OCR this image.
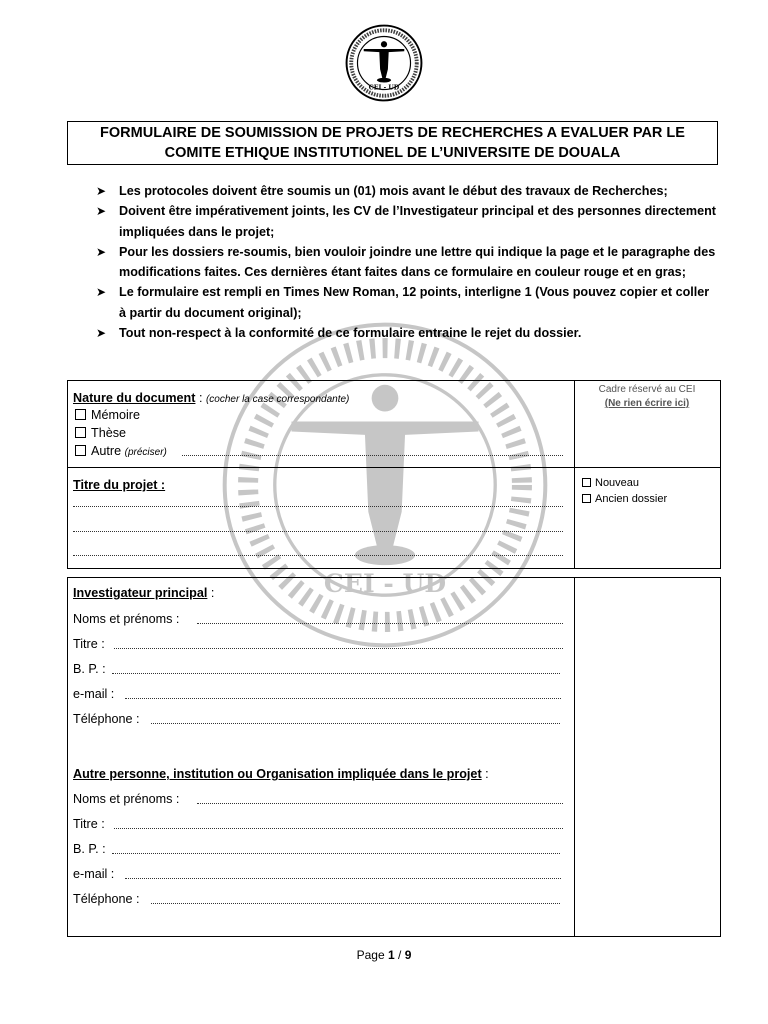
CEI - UD
CEI - UD
FORMULAIRE DE SOUMISSION DE PROJETS DE RECHERCHES A EVALUER PAR LE
COMITE ETHIQUE INSTITUTIONEL DE L’UNIVERSITE DE DOUALA
➤ Les protocoles doivent être soumis un (01) mois avant le début des travaux de Recherches;
➤ Doivent être impérativement joints, les CV de l’Investigateur principal et des personnes directement impliquées dans le projet;
➤ Pour les dossiers re-soumis, bien vouloir joindre une lettre qui indique la page et le paragraphe des modifications faites. Ces dernières étant faites dans ce formulaire en couleur rouge et en gras;
➤ Le formulaire est rempli en Times New Roman, 12 points, interligne 1 (Vous pouvez copier et coller à partir du document original);
➤ Tout non-respect à la conformité de ce formulaire entraine le rejet du dossier.
Nature du document : (cocher la case correspondante)
Mémoire
Thèse
Autre (préciser)
Cadre réservé au CEI
(Ne rien écrire ici)
Titre du projet :	Nouveau
Ancien dossier
Investigateur principal :
Noms et prénoms :
Titre :
B. P. :
e-mail :
Téléphone :
Autre personne, institution ou Organisation impliquée dans le projet :
Noms et prénoms :
Titre :
B. P. :
e-mail :
Téléphone :
Page 1 / 9
